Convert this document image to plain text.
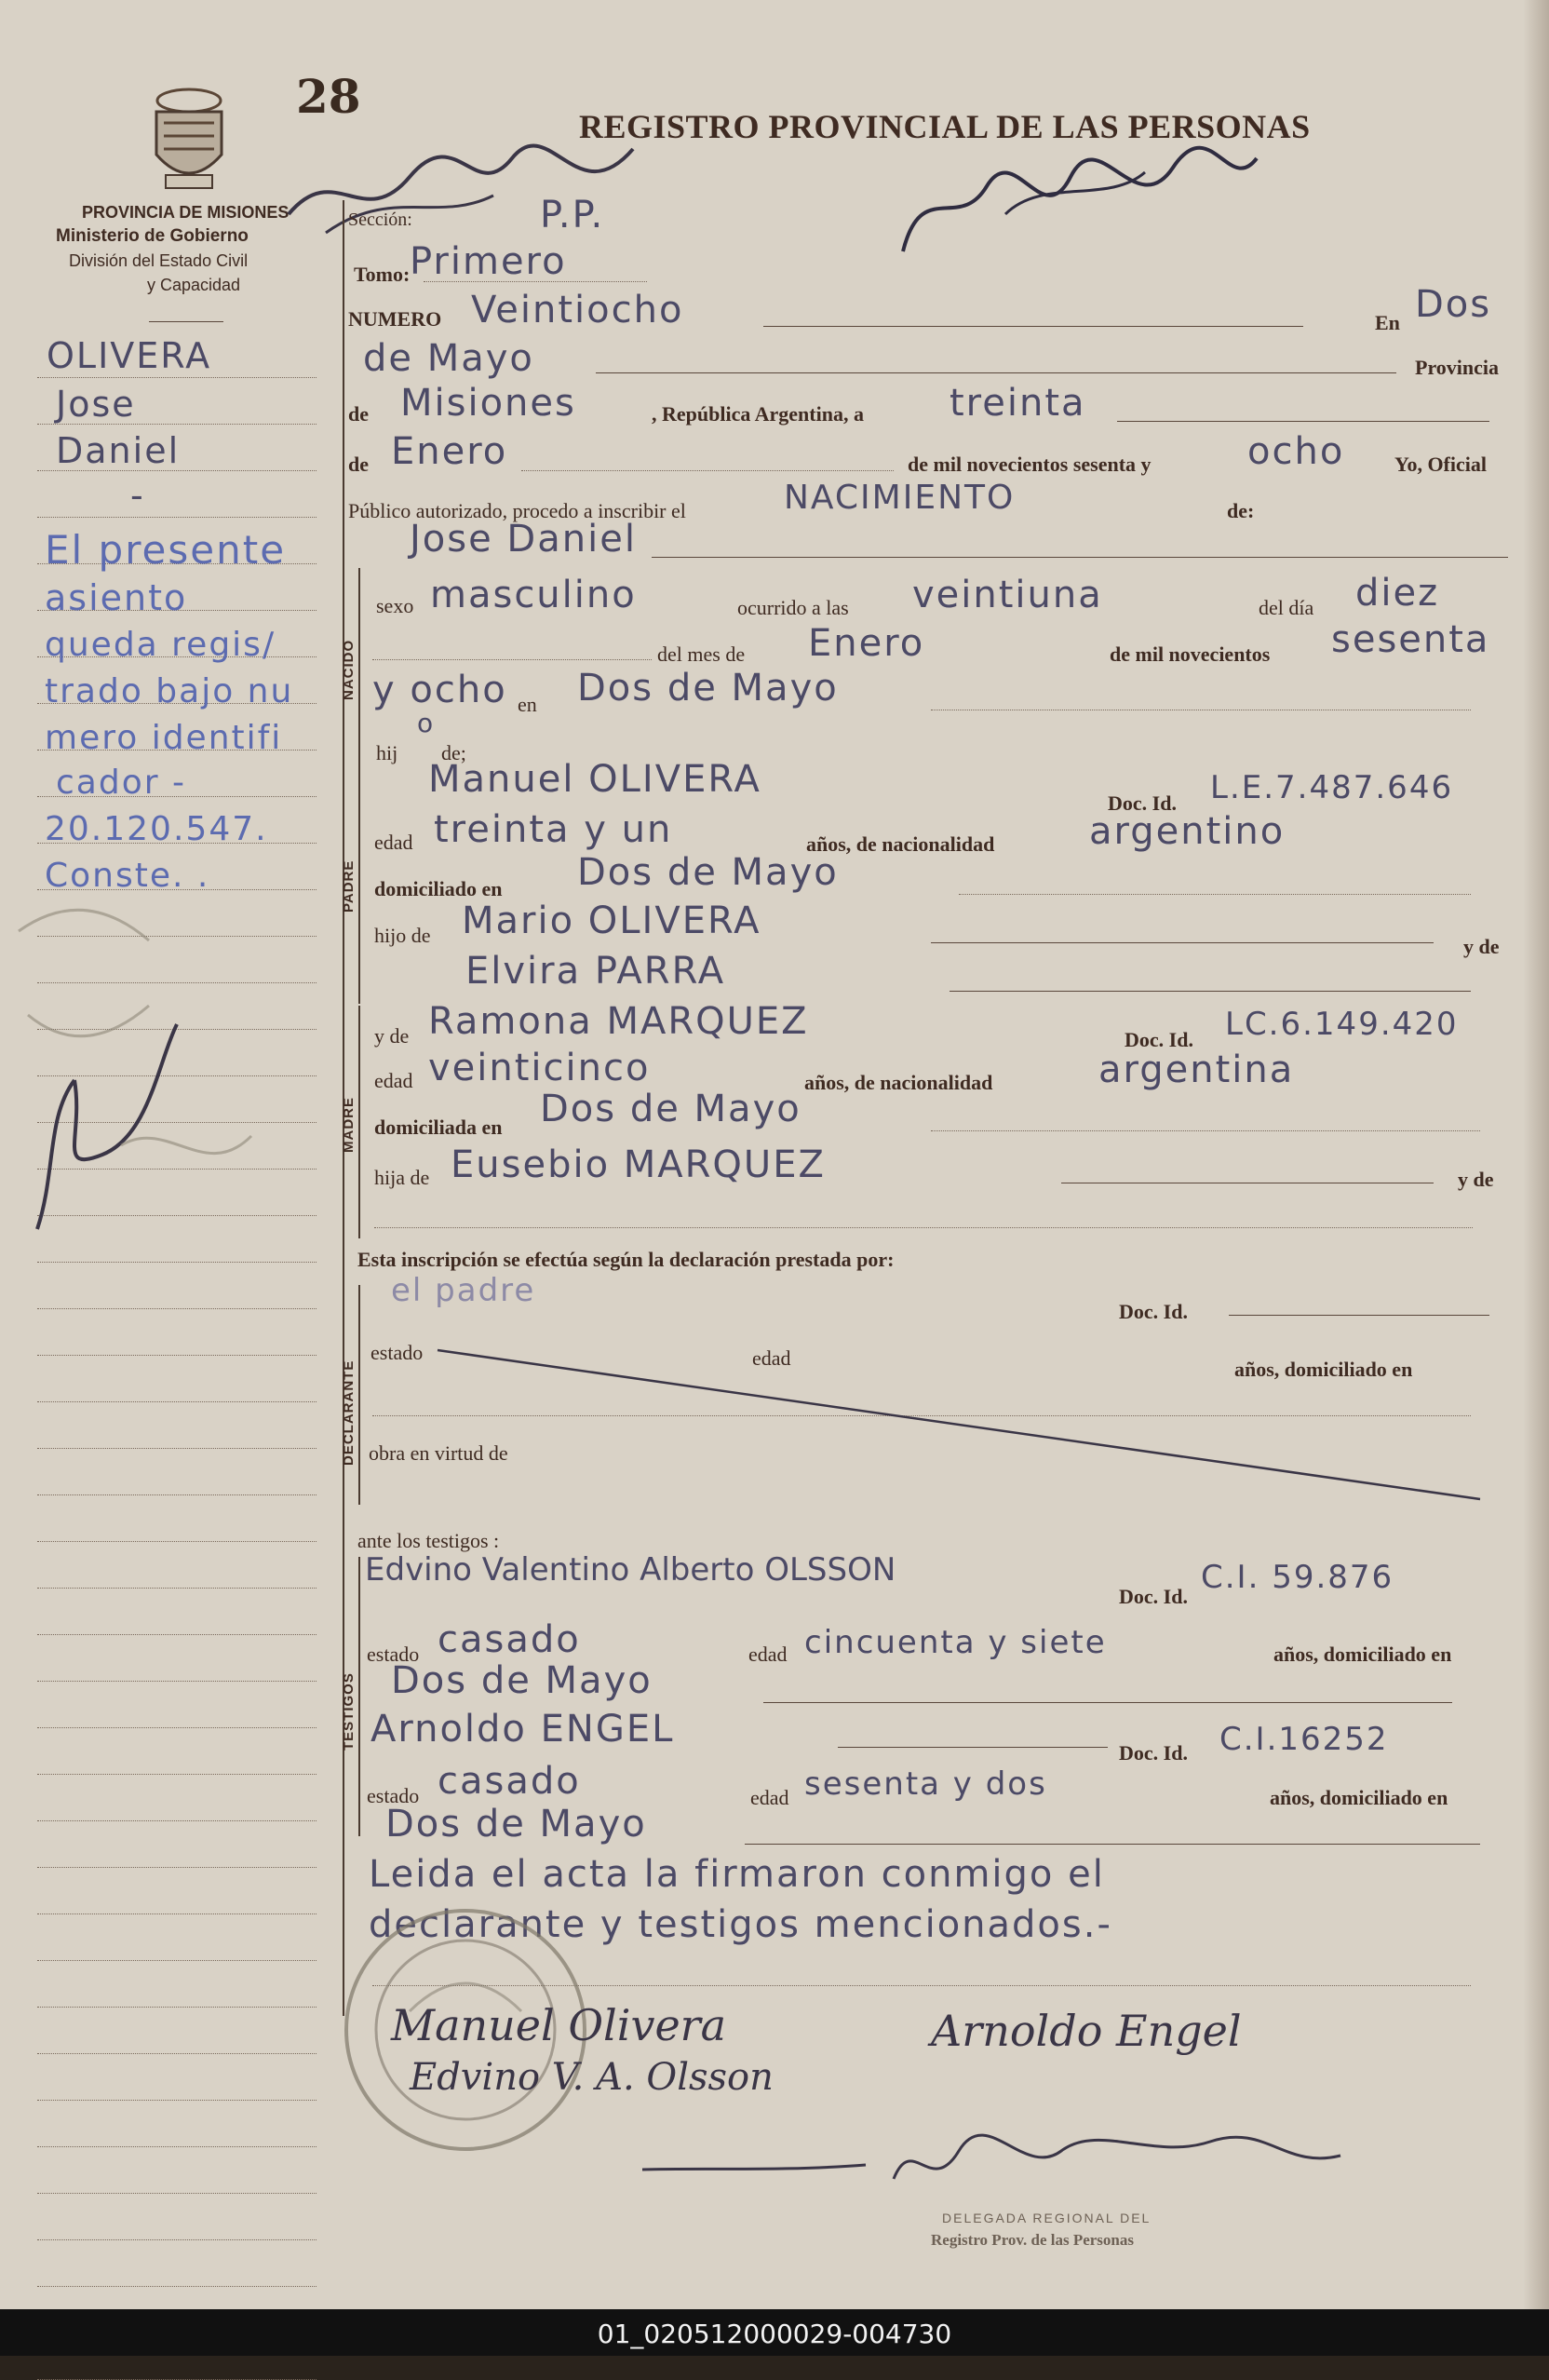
28
REGISTRO PROVINCIAL DE LAS PERSONAS
PROVINCIA DE MISIONES
Ministerio de Gobierno
División del Estado Civil
y Capacidad
OLIVERA
Jose
Daniel
-
El presente
asiento
queda regis/
trado bajo nu
mero identifi
cador -
20.120.547.
Conste. .
Sección:	P.P.
Tomo: Primero
NUMERO Veintiocho	En Dos
de Mayo	Provincia
de Misiones	, República Argentina, a treinta
de Enero	de mil novecientos sesenta y	ocho Yo, Oficial
Público autorizado, procedo a inscribir el	NACIMIENTO	de:
Jose Daniel
NACIDO
sexo masculino	ocurrido a las veintiuna	del día diez
del mes de Enero	de mil novecientos sesenta
y ocho en Dos de Mayo
hij
o
de;
PADRE
Manuel OLIVERA
Doc. Id. L.E.7.487.646
edad treinta y un	años, de nacionalidad	argentino
domiciliado en Dos de Mayo
hijo de Mario OLIVERA
y de
Elvira PARRA
MADRE
y de Ramona MARQUEZ	Doc. Id. LC.6.149.420
edad veinticinco	años, de nacionalidad	argentina
domiciliada en Dos de Mayo
hija de Eusebio MARQUEZ	y de
Esta inscripción se efectúa según la declaración prestada por:
DECLARANTE
el padre
Doc. Id.
estado	edad	años, domiciliado en
obra en virtud de
ante los testigos :
TESTIGOS
Edvino Valentino Alberto OLSSON
Doc. Id.
C.I. 59.876
estado casado	edad cincuenta y siete	años, domiciliado en
Dos de Mayo
Arnoldo ENGEL
Doc. Id. C.I.16252
estado casado	edad sesenta y dos	años, domiciliado en
Dos de Mayo
Leida el acta la firmaron conmigo el
declarante y testigos mencionados.-
Manuel Olivera	Arnoldo Engel
Edvino V. A. Olsson
DELEGADA REGIONAL DEL
Registro Prov. de las Personas
01_020512000029-004730
